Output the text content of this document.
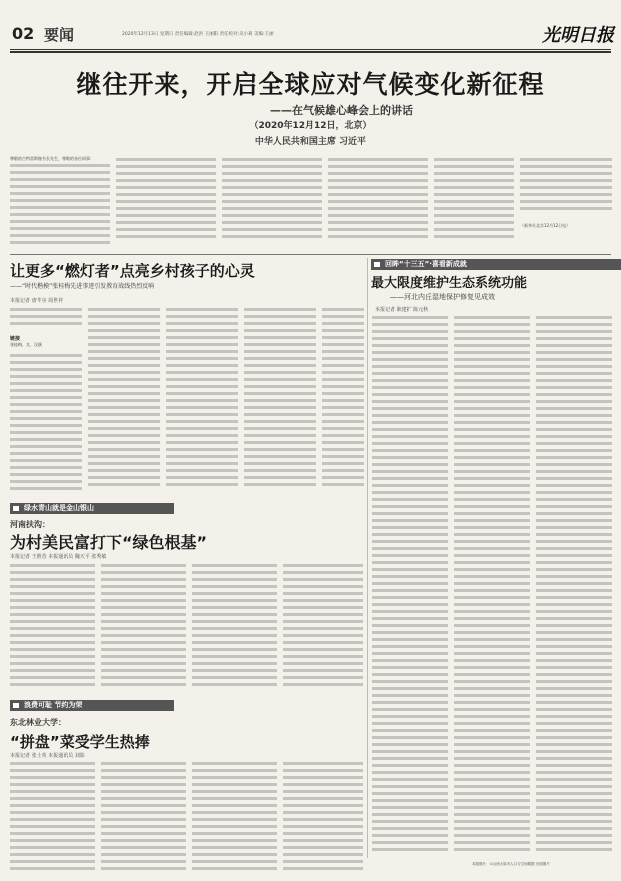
02 要闻	2020年12月13日 星期日 责任编辑:赵洪 王丽阳 责任校对:吴小莉 美编:王丽	光明日报
继往开来，开启全球应对气候变化新征程
——在气候雄心峰会上的讲话
（2020年12月12日，北京）
中华人民共和国主席 习近平
尊敬的古特雷斯秘书长先生，尊敬的各位同事：
（新华社北京12月12日电）
让更多“燃灯者”点亮乡村孩子的心灵
——“时代楷模”张桂梅先进事迹引发教育战线热烈反响
本报记者 唐芊尔 周世祥
链接
张桂梅，女，汉族
回眸“十三五”·喜看新成就
最大限度维护生态系统功能
——河北内丘湿地保护修复见成效
本报记者 耿建扩 陈元秋
绿水青山就是金山银山
河南扶沟：
为村美民富打下“绿色根基”
本报记者 王胜昔 本报通讯员 魏天平 张秀敏
浪费可耻 节约为荣
东北林业大学：
“拼盘”菜受学生热捧
本报记者 张士英 本报通讯员 刘影
本版图片：①山西太原市人口与空间数据 光明图片
